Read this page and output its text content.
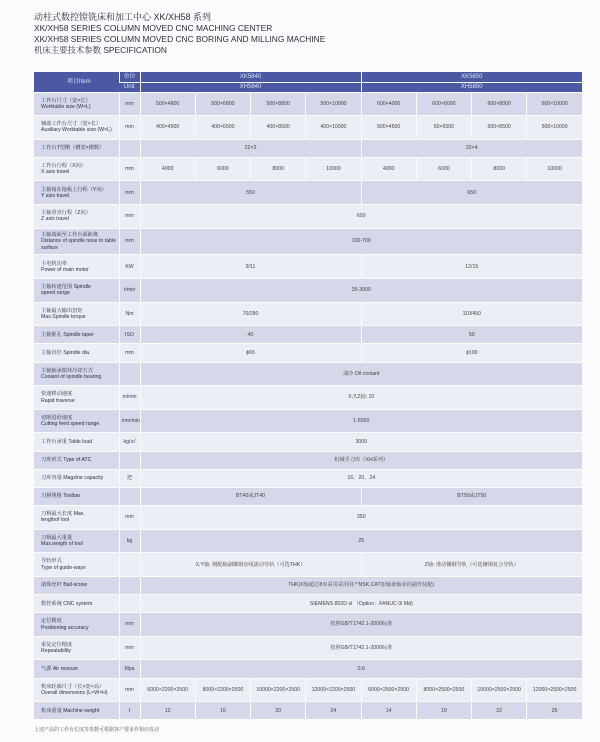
动柱式数控镗铣床和加工中心 XK/XH58 系列
XK/XH58 SERIES COLUMN MOVED CNC MACHING CENTER
XK/XH58 SERIES COLUMN MOVED CNC BORING AND MILLING MACHINE
机床主要技术参数 SPECIFICATION
项目Item	单位	XK5840				XK5850			
	Unit	XH5840				XH5850			

工作台尺寸（宽×长）
Worktable size (W×L)	mm	500×4800	500×6800	500×8800	500×10000	600×4000	600×6000	600×8000	600×10000

辅助工作台尺寸（宽×长）
Auxiliary Worktable size (W×L)	mm	400×4500	400×6500	400×8500	400×10000	500×4500	50×6500	500×8500	500×10000

工作台T型槽（槽宽×槽数）		22×3				22×4			

工作台行程（X向）
X axis travel	mm	4000	6000	8000	10000	4000	6000	8000	10000

主轴箱在拖板上行程（Y向）
Y axis travel	mm	550				650			

主轴垂直行程（Z向）
Z axis travel	mm	600							

主轴端面至工作台面距离
Distance of spindle nose to table surface	mm	100-700							

主电机功率
Power of main motor	KW	9/11				12/15			

主轴转速范围 Spindle
speed range	r/min	35-3000							

主轴最大输出扭矩
Max.Spindle torque	Nm	70/280				110/450			

主轴锥孔 Spindle taper	ISO	40				50			

主轴直径 Spindle dia.	mm	ϕ65				ϕ100			

主轴轴承循环冷却方式
Coolant of spindle bearing		油冷 Oil coolant							

快速移动速度
Rapid traverse	m/min	X,Y,Z轴: 10							

切削进给速度
Cutting feed speed range	mm/min	1-5000							

工作台承重 Table load	kg/㎡	3000							

刀库形式 Type of ATC		机械手刀库（XH系列）							

刀库容量 Magzine capacity	把	16、20、24							

刀柄规格 Toolbar		BT40或JT40				BT50或JT50			

刀柄最大长度 Max.
lengthof tool	mm	350							

刀柄最大重量
Max.weigth of tool	kg	25							

导轨形式
Type of guide-ways		X,Y轴: 钢配轴副镶钢直线滚动导轨（可选THK）				Z轴: 滑动镶钢导轨（可选镶钢复合导轨）			

滚珠丝杆 Ball-screw		THK(X轴超过8米采用采用国产NSK,CAT加轴承轴承的副作装配)							

数控系统 CNC system		SIEMENS 802D sl （Option：FANUC 0i Md)							

定位精度
Positioning accuracy	mm	按照GB/T1742.1-2000标准							

重复定位精度
Repeatability	mm	按照GB/T1742.1-2000标准							

气源 Air resoure	Mpa	0.6							

机床轮廓尺寸（长×宽×高）
Overall dimensions (L×W×H)	mm	6000×2200×2500	8000×2200×2500	10000×2200×2500	12000×2200×2500	6000×2500×2500	8000×2500×2500	10000×2500×2500	12000×2500×2500

机床重量 Machine weight	t	12	16	20	24	14	19	22	26
上述产品的工作台长度等参数可根据客户要求作相应改动
